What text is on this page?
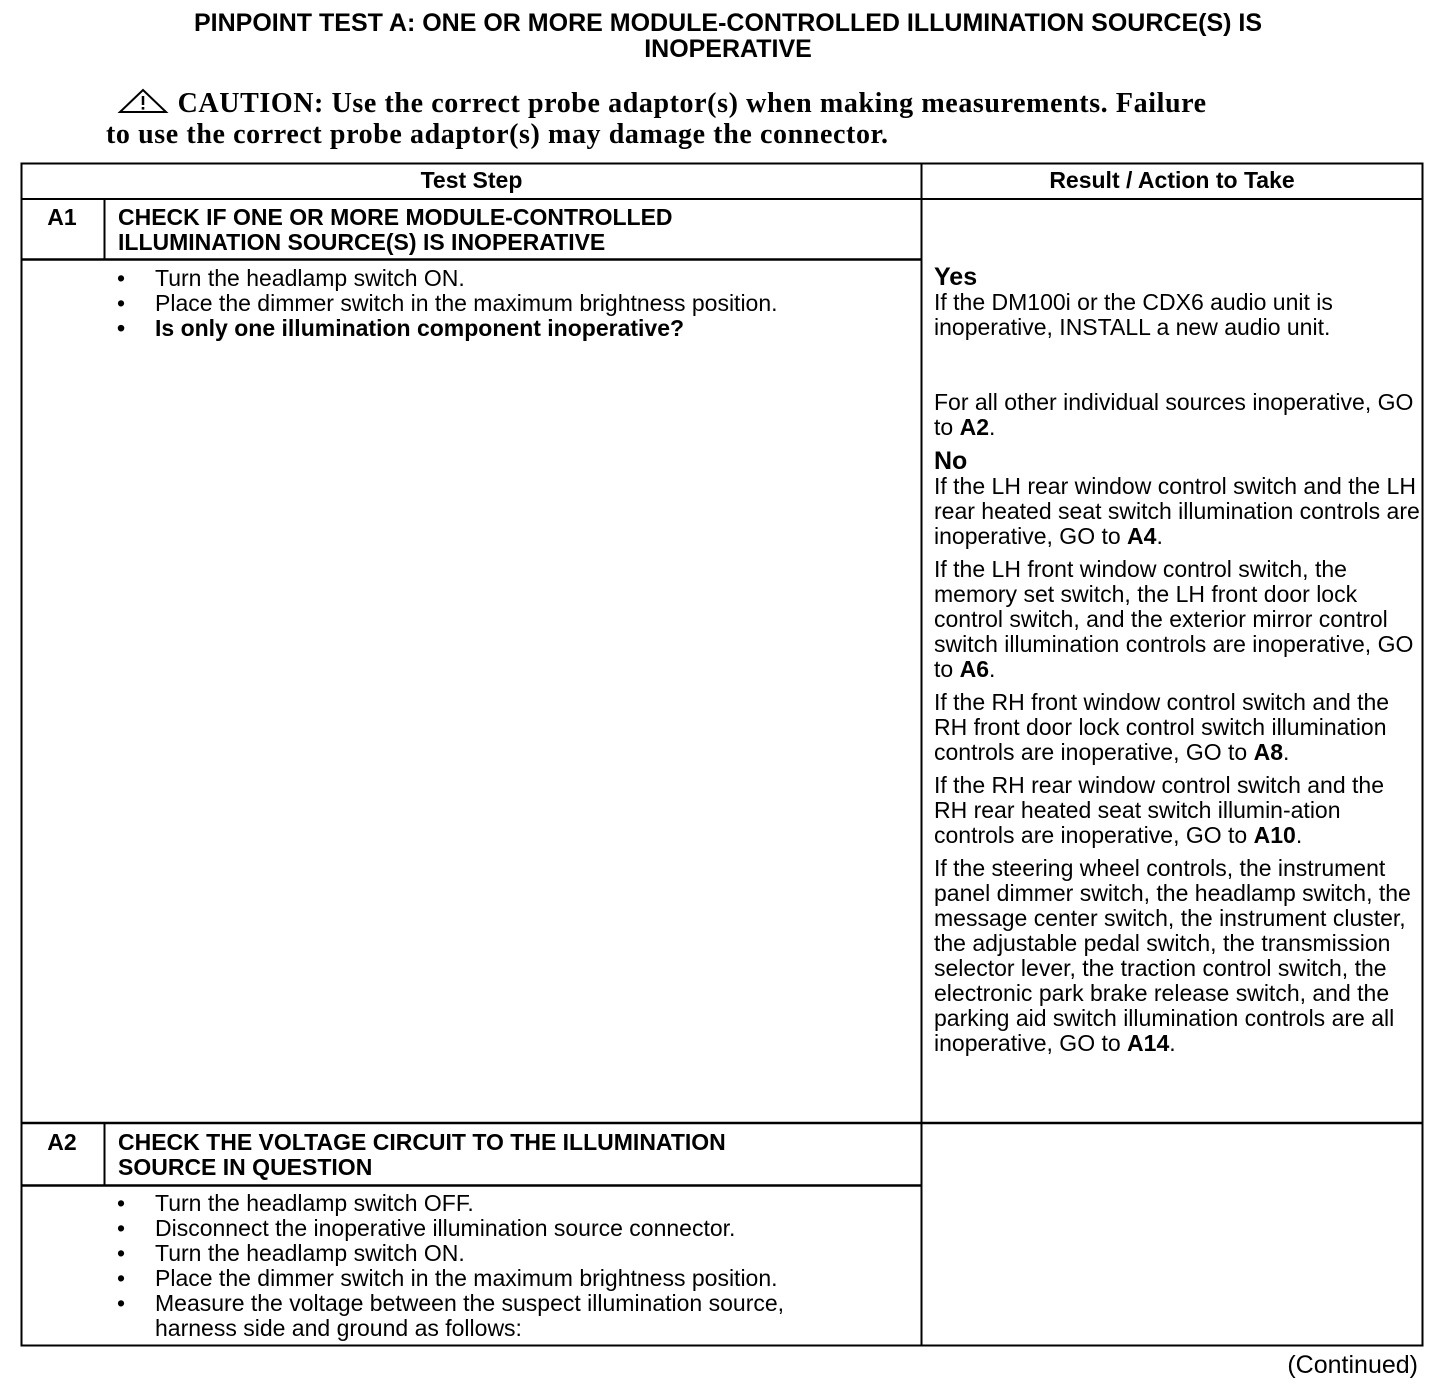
PINPOINT TEST A: ONE OR MORE MODULE-CONTROLLED ILLUMINATION SOURCE(S) IS
INOPERATIVE
CAUTION: Use the correct probe adaptor(s) when making measurements. Failure
to use the correct probe adaptor(s) may damage the connector.
Test Step	Result / Action to Take
A1	CHECK IF ONE OR MORE MODULE-CONTROLLED
ILLUMINATION SOURCE(S) IS INOPERATIVE
• Turn the headlamp switch ON.
• Place the dimmer switch in the maximum brightness position.
• Is only one illumination component inoperative?
Yes

If the DM100i or the CDX6 audio unit is inoperative, INSTALL a new audio unit.

For all other individual sources inoperative, GO to A2.

No

If the LH rear window control switch and the LH rear heated seat switch illumination controls are inoperative, GO to A4.

If the LH front window control switch, the memory set switch, the LH front door lock control switch, and the exterior mirror control switch illumination controls are inoperative, GO to A6.

If the RH front window control switch and the RH front door lock control switch illumination controls are inoperative, GO to A8.

If the RH rear window control switch and the RH rear heated seat switch illumin-ation controls are inoperative, GO to A10.

If the steering wheel controls, the instrument panel dimmer switch, the headlamp switch, the message center switch, the instrument cluster, the adjustable pedal switch, the transmission selector lever, the traction control switch, the electronic park brake release switch, and the parking aid switch illumination controls are all inoperative, GO to A14.

A2	CHECK THE VOLTAGE CIRCUIT TO THE ILLUMINATION
SOURCE IN QUESTION
• Turn the headlamp switch OFF.
• Disconnect the inoperative illumination source connector.
• Turn the headlamp switch ON.
• Place the dimmer switch in the maximum brightness position.
• Measure the voltage between the suspect illumination source, harness side and ground as follows:
(Continued)
